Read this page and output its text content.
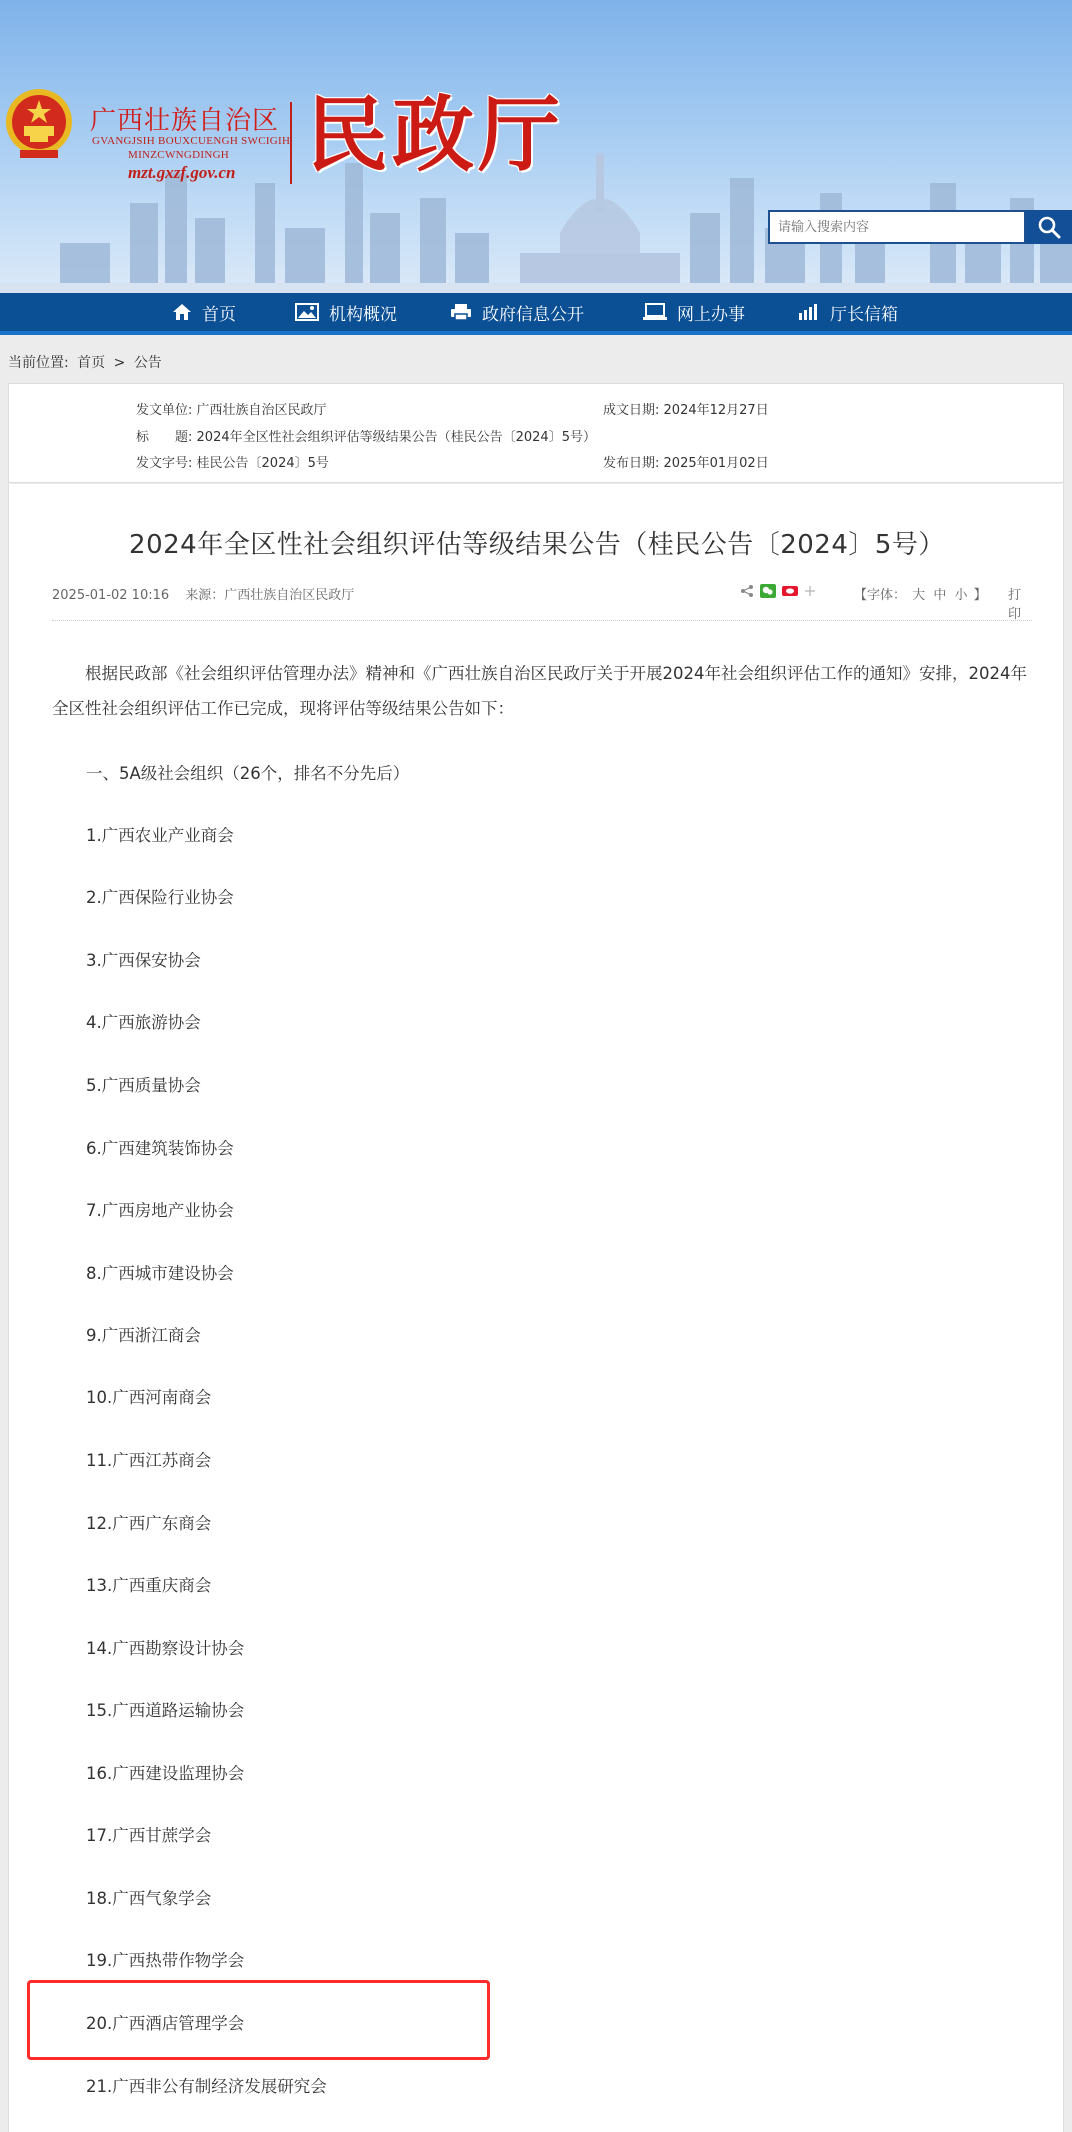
广西壮族自治区
GVANGJSIH BOUXCUENGH SWCIGIH
MINZCWNGDINGH
mzt.gxzf.gov.cn 民政厅
请输入搜索内容
首页	机构概况	政府信息公开	网上办事	厅长信箱
当前位置: 首页 > 公告
发文单位: 广西壮族自治区民政厅	成文日期: 2024年12月27日
标　　题: 2024年全区性社会组织评估等级结果公告（桂民公告〔2024〕5号）
发文字号: 桂民公告〔2024〕5号	发布日期: 2025年01月02日
2024年全区性社会组织评估等级结果公告（桂民公告〔2024〕5号）
2025-01-02 10:16 来源：广西壮族自治区民政厅	【字体： 大 中 小 】 打印
根据民政部《社会组织评估管理办法》精神和《广西壮族自治区民政厅关于开展2024年社会组织评估工作的通知》安排，2024年全区性社会组织评估工作已完成，现将评估等级结果公告如下：
一、5A级社会组织（26个，排名不分先后）
1.广西农业产业商会
2.广西保险行业协会
3.广西保安协会
4.广西旅游协会
5.广西质量协会
6.广西建筑装饰协会
7.广西房地产业协会
8.广西城市建设协会
9.广西浙江商会
10.广西河南商会
11.广西江苏商会
12.广西广东商会
13.广西重庆商会
14.广西勘察设计协会
15.广西道路运输协会
16.广西建设监理协会
17.广西甘蔗学会
18.广西气象学会
19.广西热带作物学会
20.广西酒店管理学会
21.广西非公有制经济发展研究会
